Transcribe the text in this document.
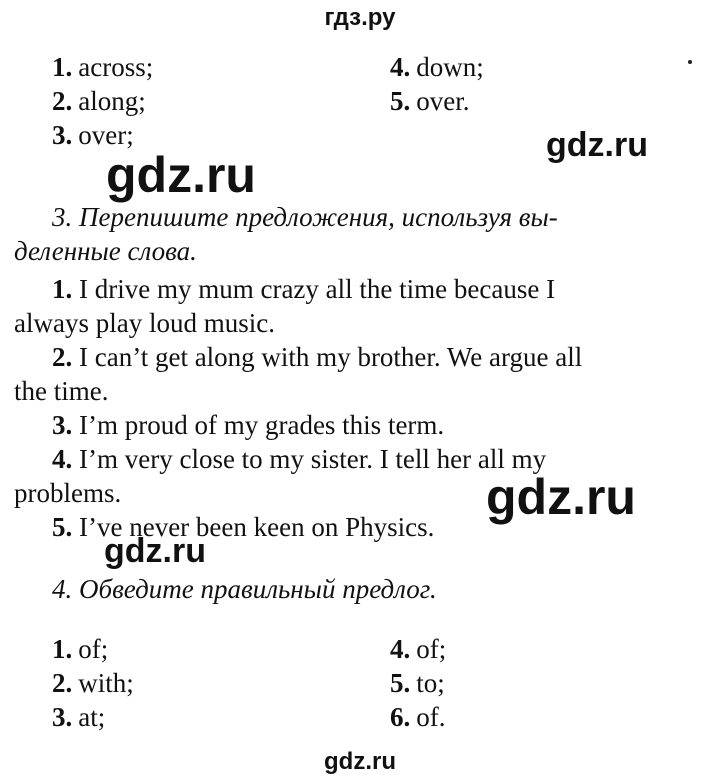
гдз.ру
1. across;
2. along;
3. over;
4. down;
5. over.
gdz.ru
gdz.ru
3. Перепишите предложения, используя вы-
деленные слова.
1. I drive my mum crazy all the time because I
always play loud music.
2. I can’t get along with my brother. We argue all
the time.
3. I’m proud of my grades this term.
4. I’m very close to my sister. I tell her all my
problems.	gdz.ru
5. I’ve never been keen on Physics.
gdz.ru
4. Обведите правильный предлог.
1. of;
2. with;
3. at;
4. of;
5. to;
6. of.
gdz.ru
